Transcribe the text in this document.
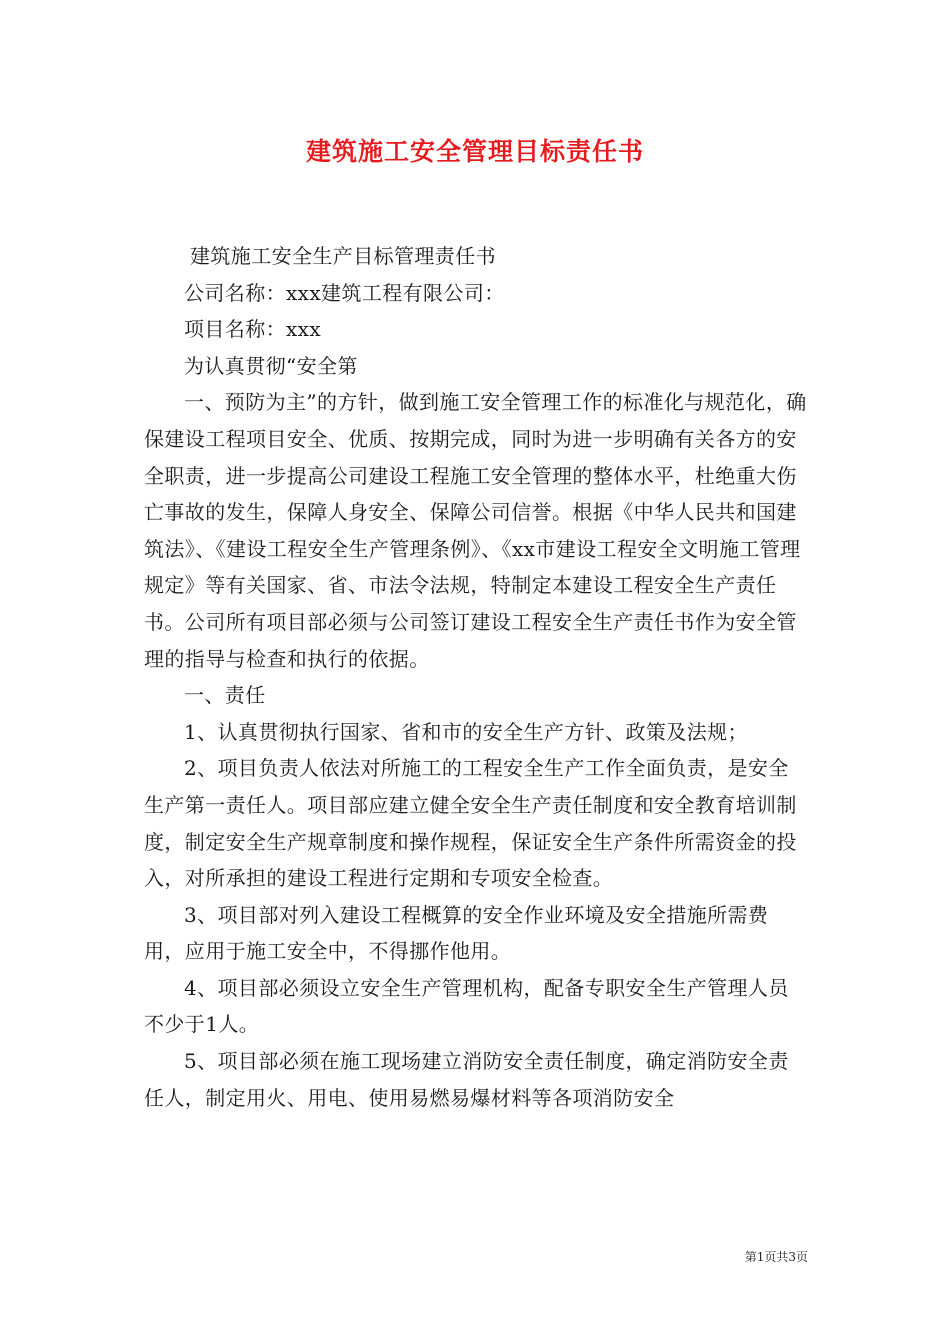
建筑施工安全管理目标责任书

建筑施工安全生产目标管理责任书

公司名称：xxx建筑工程有限公司：

项目名称：xxx

为认真贯彻“安全第

一、预防为主”的方针，做到施工安全管理工作的标准化与规范化，确保建设工程项目安全、优质、按期完成，同时为进一步明确有关各方的安全职责，进一步提高公司建设工程施工安全管理的整体水平，杜绝重大伤亡事故的发生，保障人身安全、保障公司信誉。根据《中华人民共和国建筑法》、《建设工程安全生产管理条例》、《xx市建设工程安全文明施工管理规定》等有关国家、省、市法令法规，特制定本建设工程安全生产责任书。公司所有项目部必须与公司签订建设工程安全生产责任书作为安全管理的指导与检查和执行的依据。

一、责任

1、认真贯彻执行国家、省和市的安全生产方针、政策及法规；

2、项目负责人依法对所施工的工程安全生产工作全面负责，是安全生产第一责任人。项目部应建立健全安全生产责任制度和安全教育培训制度，制定安全生产规章制度和操作规程，保证安全生产条件所需资金的投入，对所承担的建设工程进行定期和专项安全检查。

3、项目部对列入建设工程概算的安全作业环境及安全措施所需费用，应用于施工安全中，不得挪作他用。

4、项目部必须设立安全生产管理机构，配备专职安全生产管理人员不少于1人。

5、项目部必须在施工现场建立消防安全责任制度，确定消防安全责任人，制定用火、用电、使用易燃易爆材料等各项消防安全

第1页共3页
